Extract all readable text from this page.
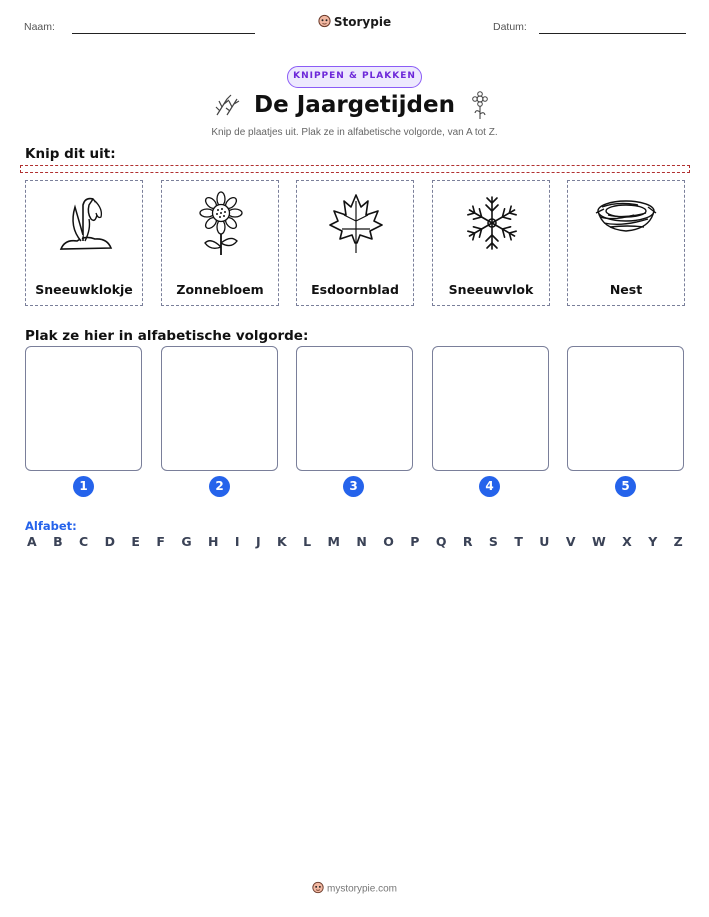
Naam:	Storypie	Datum:
KNIPPEN & PLAKKEN
De Jaargetijden
Knip de plaatjes uit. Plak ze in alfabetische volgorde, van A tot Z.
Knip dit uit:
Sneeuwklokje	Zonnebloem	Esdoornblad	Sneeuwvlok	Nest
Plak ze hier in alfabetische volgorde:
1	2	3	4	5
Alfabet:
A B C D E F G H I J K L M N O P Q R S T U V W X Y Z
mystorypie.com
